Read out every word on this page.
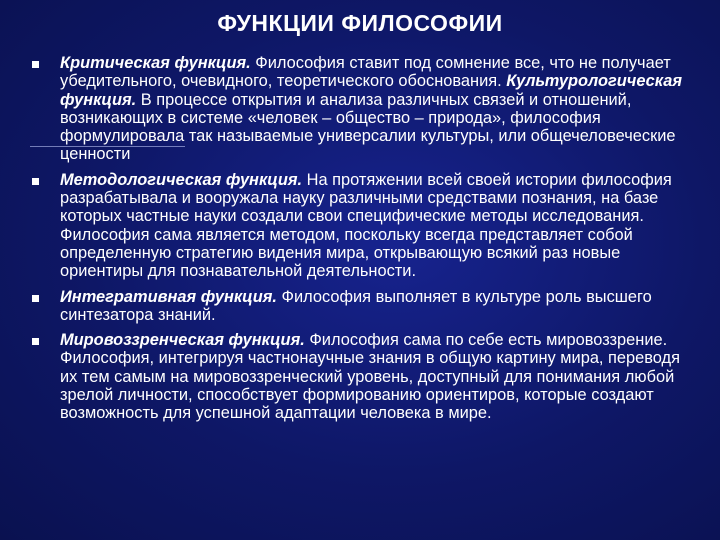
ФУНКЦИИ ФИЛОСОФИИ
Критическая функция. Философия ставит под сомнение все, что не получает убедительного, очевидного, теоретического обоснования. Культурологическая функция. В процессе открытия и анализа различных связей и отношений, возникающих в системе «человек – общество – природа», философия формулировала так называемые универсалии культуры, или общечеловеческие ценности
Методологическая функция. На протяжении всей своей истории философия разрабатывала и вооружала науку различными средствами познания, на базе которых частные науки создали свои специфические методы исследования. Философия сама является методом, поскольку всегда представляет собой определенную стратегию видения мира, открывающую всякий раз новые ориентиры для познавательной деятельности.
Интегративная функция. Философия выполняет в культуре роль высшего синтезатора знаний.
Мировоззренческая функция. Философия сама по себе есть мировоззрение. Философия, интегрируя частнонаучные знания в общую картину мира, переводя их тем самым на мировоззренческий уровень, доступный для понимания любой зрелой личности, способствует формированию ориентиров, которые создают возможность для успешной адаптации человека в мире.
